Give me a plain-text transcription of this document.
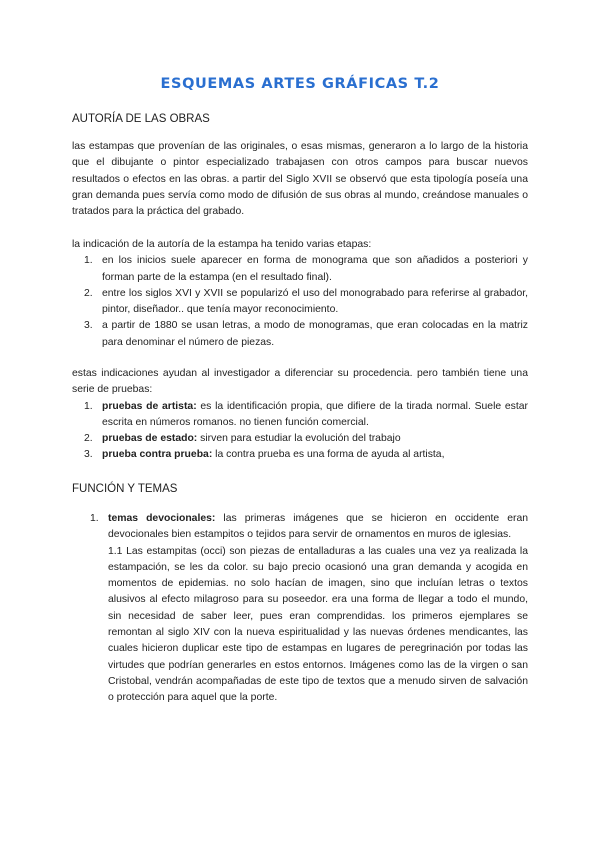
ESQUEMAS ARTES GRÁFICAS T.2
AUTORÍA DE LAS OBRAS
las estampas que provenían de las originales, o esas mismas, generaron a lo largo de la historia que el dibujante o pintor especializado trabajasen con otros campos para buscar nuevos resultados o efectos en las obras. a partir del Siglo XVII se observó que esta tipología poseía una gran demanda pues servía como modo de difusión de sus obras al mundo, creándose manuales o tratados para la práctica del grabado.
la indicación de la autoría de la estampa ha tenido varias etapas:
1. en los inicios suele aparecer en forma de monograma que son añadidos a posteriori y forman parte de la estampa (en el resultado final).
2. entre los siglos XVI y XVII se popularizó el uso del monograbado para referirse al grabador, pintor, diseñador.. que tenía mayor reconocimiento.
3. a partir de 1880 se usan letras, a modo de monogramas, que eran colocadas en la matriz para denominar el número de piezas.
estas indicaciones ayudan al investigador a diferenciar su procedencia. pero también tiene una serie de pruebas:
1. pruebas de artista: es la identificación propia, que difiere de la tirada normal. Suele estar escrita en números romanos. no tienen función comercial.
2. pruebas de estado: sirven para estudiar la evolución del trabajo
3. prueba contra prueba: la contra prueba es una forma de ayuda al artista,
FUNCIÓN Y TEMAS
1. temas devocionales: las primeras imágenes que se hicieron en occidente eran devocionales bien estampitos o tejidos para servir de ornamentos en muros de iglesias.
1.1 Las estampitas (occi) son piezas de entalladuras a las cuales una vez ya realizada la estampación, se les da color. su bajo precio ocasionó una gran demanda y acogida en momentos de epidemias. no solo hacían de imagen, sino que incluían letras o textos alusivos al efecto milagroso para su poseedor. era una forma de llegar a todo el mundo, sin necesidad de saber leer, pues eran comprendidas. los primeros ejemplares se remontan al siglo XIV con la nueva espiritualidad y las nuevas órdenes mendicantes, las cuales hicieron duplicar este tipo de estampas en lugares de peregrinación por todas las virtudes que podrían generarles en estos entornos. Imágenes como las de la virgen o san Cristobal, vendrán acompañadas de este tipo de textos que a menudo sirven de salvación o protección para aquel que la porte.
